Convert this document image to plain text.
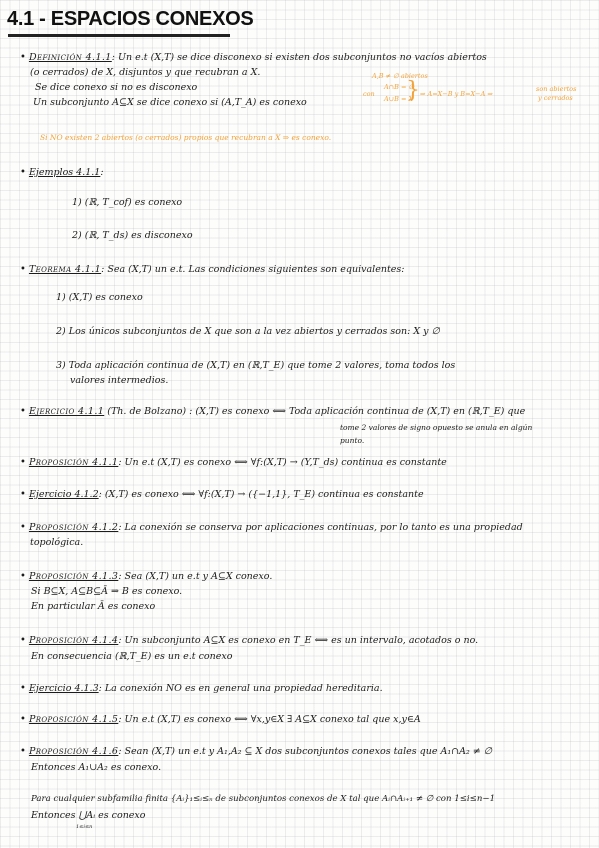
4.1 - ESPACIOS CONEXOS
• Definición 4.1.1: Un e.t (X,T) se dice disconexo si existen dos subconjuntos no vacíos abiertos
(o cerrados) de X, disjuntos y que recubran a X.
Se dice conexo si no es disconexo
Un subconjunto A⊆X se dice conexo si (A,T_A) es conexo
A,B ≠ ∅ abiertos
con
A∩B = ∅
A∪B = X
} ⇒ A=X−B y B=X−A ⇒
son abiertos
y cerrados
Si NO existen 2 abiertos (o cerrados) propios que recubran a X ⇒ es conexo.
• Ejemplos 4.1.1:
1) (ℝ, T_cof) es conexo
2) (ℝ, T_ds) es disconexo
• Teorema 4.1.1: Sea (X,T) un e.t. Las condiciones siguientes son equivalentes:
1) (X,T) es conexo
2) Los únicos subconjuntos de X que son a la vez abiertos y cerrados son: X y ∅
3) Toda aplicación continua de (X,T) en (ℝ,T_E) que tome 2 valores, toma todos los
valores intermedios.
• Ejercicio 4.1.1 (Th. de Bolzano) : (X,T) es conexo ⟺ Toda aplicación continua de (X,T) en (ℝ,T_E) que
tome 2 valores de signo opuesto se anula en algún
punto.
• Proposición 4.1.1: Un e.t (X,T) es conexo ⟺ ∀f:(X,T) → (Y,T_ds) continua es constante
• Ejercicio 4.1.2: (X,T) es conexo ⟺ ∀f:(X,T) → ({−1,1}, T_E) continua es constante
• Proposición 4.1.2: La conexión se conserva por aplicaciones continuas, por lo tanto es una propiedad
topológica.
• Proposición 4.1.3: Sea (X,T) un e.t y A⊆X conexo.
Si B⊆X, A⊆B⊆Ā ⇒ B es conexo.
En particular Ā es conexo
• Proposición 4.1.4: Un subconjunto A⊆X es conexo en T_E ⟺ es un intervalo, acotados o no.
En consecuencia (ℝ,T_E) es un e.t conexo
• Ejercicio 4.1.3: La conexión NO es en general una propiedad hereditaria.
• Proposición 4.1.5: Un e.t (X,T) es conexo ⟺ ∀x,y∈X ∃ A⊆X conexo tal que x,y∈A
• Proposición 4.1.6: Sean (X,T) un e.t y A₁,A₂ ⊆ X dos subconjuntos conexos tales que A₁∩A₂ ≠ ∅
Entonces A₁∪A₂ es conexo.
Para cualquier subfamilia finita {Aᵢ}₁≤ᵢ≤ₙ de subconjuntos conexos de X tal que Aᵢ∩Aᵢ₊₁ ≠ ∅ con 1≤i≤n−1
Entonces ⋃Aᵢ es conexo
1≤i≤n
